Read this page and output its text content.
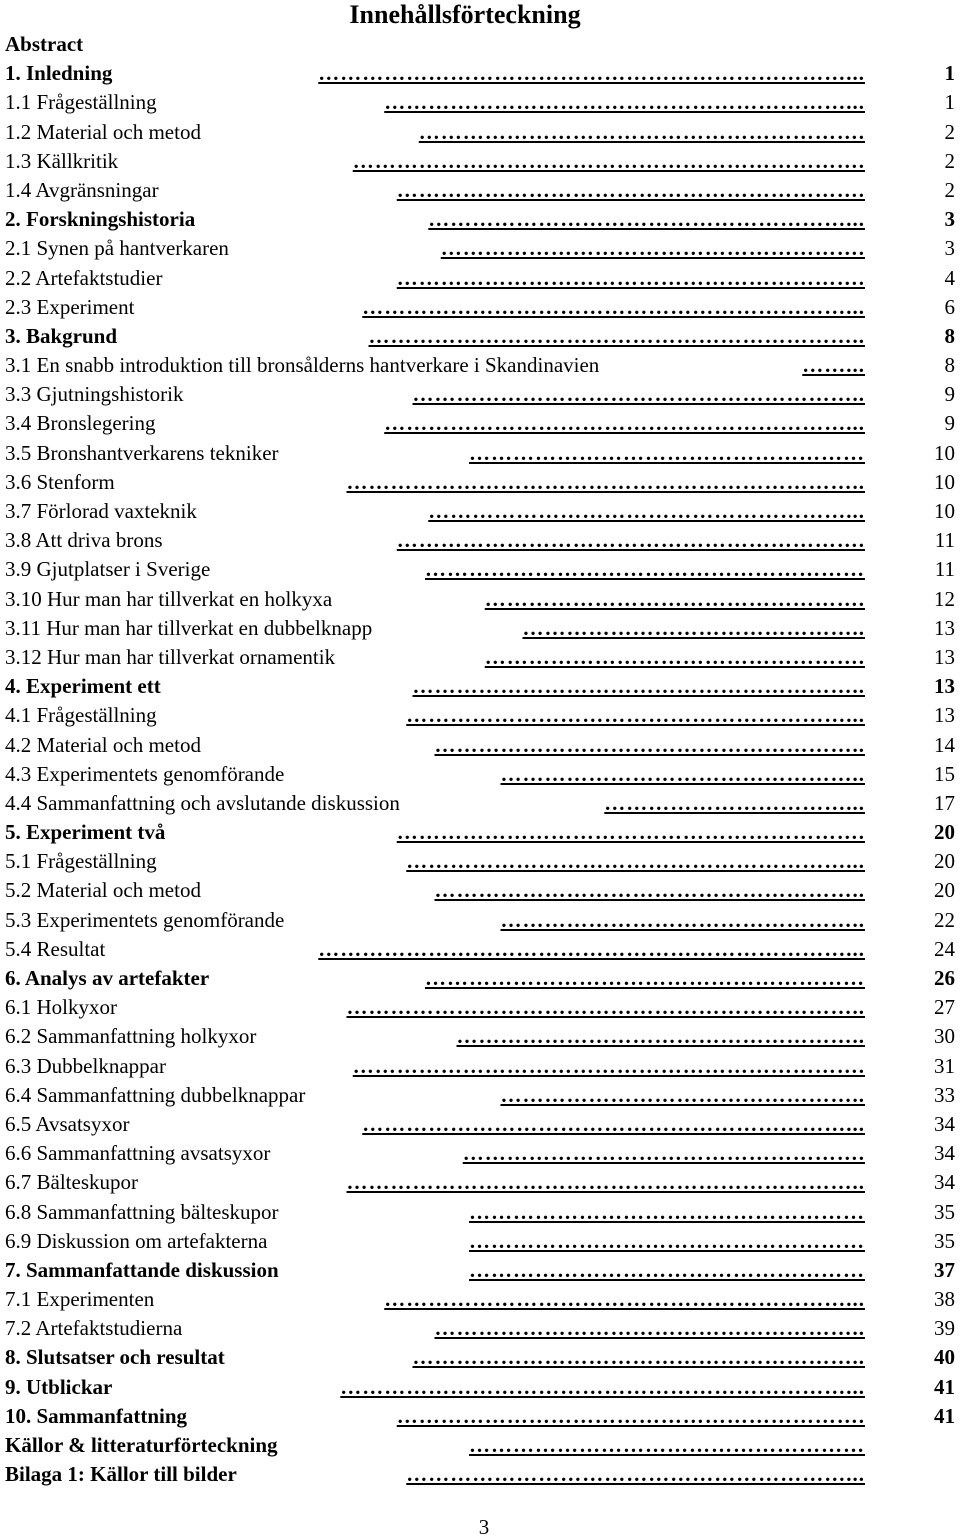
Innehållsförteckning
Abstract
1. Inledning	………………………………………………………………...	1
1.1 Frågeställning	………………………………………………………...	1
1.2 Material och metod	…………………………………………………….	2
1.3 Källkritik	…………………………………………………………….	2
1.4 Avgränsningar	……………………………………………………….	2
2. Forskningshistoria	…………………………………………………...	3
2.1 Synen på hantverkaren	………………………………………………….	3
2.2 Artefaktstudier	……………………………………………………….	4
2.3 Experiment	…………………………………………………………...	6
3. Bakgrund	…………………………………………………………..	8
3.1 En snabb introduktion till bronsålderns hantverkare i Skandinavien	……...	8
3.3 Gjutningshistorik	……………………………………………………..	9
3.4 Bronslegering	………………………………………………………...	9
3.5 Bronshantverkarens tekniker	………………………………………………	10
3.6 Stenform	……………………………………………………………..	10
3.7 Förlorad vaxteknik	…………………………………………………...	10
3.8 Att driva brons	……………………………………………………….	11
3.9 Gjutplatser i Sverige	……………………………………………………	11
3.10 Hur man har tillverkat en holkyxa	…………………………………………….	12
3.11 Hur man har tillverkat en dubbelknapp	………………………………………..	13
3.12 Hur man har tillverkat ornamentik	…………………………………………….	13
4. Experiment ett	……………………………………………………..	13
4.1 Frågeställning	……………………………………………………...	13
4.2 Material och metod	…………………………………………………..	14
4.3 Experimentets genomförande	…………………………………………..	15
4.4 Sammanfattning och avslutande diskussion	……………………………...	17
5. Experiment två	……………………………………………………….	20
5.1 Frågeställning	……………………………………………………...	20
5.2 Material och metod	…………………………………………………..	20
5.3 Experimentets genomförande	…………………………………………..	22
5.4 Resultat	………………………………………………………………...	24
6. Analys av artefakter	……………………………………………………	26
6.1 Holkyxor	……………………………………………………………..	27
6.2 Sammanfattning holkyxor	………………………………………………..	30
6.3 Dubbelknappar	…………………………………………………………….	31
6.4 Sammanfattning dubbelknappar	…………………………………………..	33
6.5 Avsatsyxor	…………………………………………………………...	34
6.6 Sammanfattning avsatsyxor	……………………………………………….	34
6.7 Bälteskupor	……………………………………………………………..	34
6.8 Sammanfattning bälteskupor	………………………………………………	35
6.9 Diskussion om artefakterna	………………………………………………	35
7. Sammanfattande diskussion	………………………………………………	37
7.1 Experimenten	………………………………………………………...	38
7.2 Artefaktstudierna	…………………………………………………..	39
8. Slutsatser och resultat	……………………………………………………..	40
9. Utblickar	……………………………………………………………...	41
10. Sammanfattning	……………………………………………………….	41
Källor & litteraturförteckning	………………………………………………
Bilaga 1: Källor till bilder	……………………………………………………...
3
